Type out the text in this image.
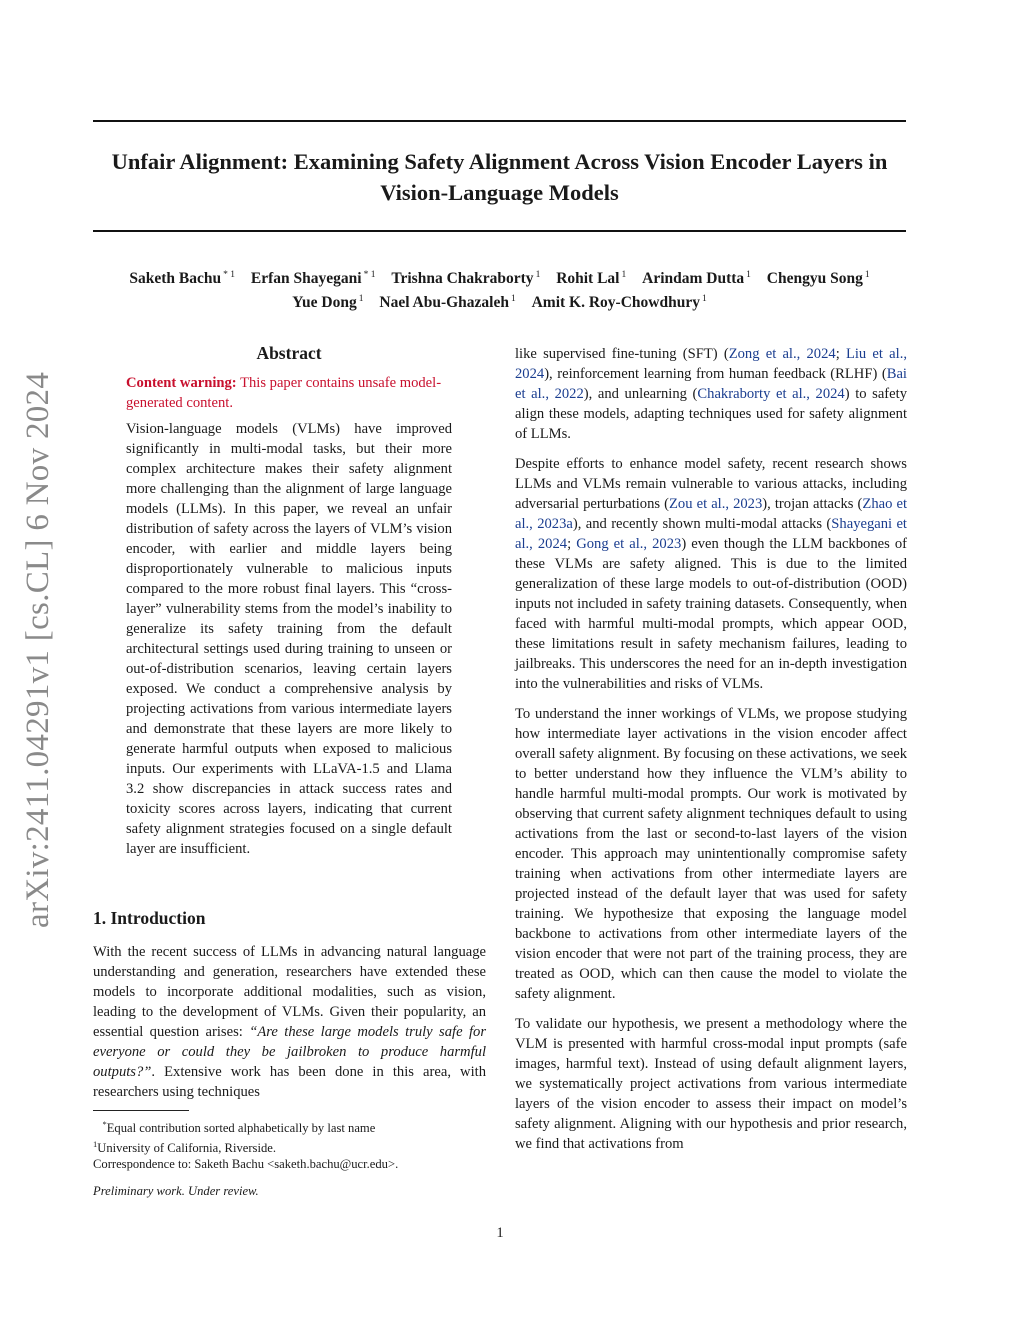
arXiv:2411.04291v1 [cs.CL] 6 Nov 2024
Unfair Alignment: Examining Safety Alignment Across Vision Encoder Layers in Vision-Language Models
Saketh Bachu $^{* 1}$ Erfan Shayegani $^{* 1}$ Trishna Chakraborty $^1$ Rohit Lal $^1$ Arindam Dutta $^1$ Chengyu Song $^1$
Yue Dong $^1$ Nael Abu-Ghazaleh $^1$ Amit K. Roy-Chowdhury $^1$
Abstract
Content warning: This paper contains unsafe model-generated content.

Vision-language models (VLMs) have improved significantly in multi-modal tasks, but their more complex architecture makes their safety alignment more challenging than the alignment of large language models (LLMs). In this paper, we reveal an unfair distribution of safety across the layers of VLM’s vision encoder, with earlier and middle layers being disproportionately vulnerable to malicious inputs compared to the more robust final layers. This “cross-layer” vulnerability stems from the model’s inability to generalize its safety training from the default architectural settings used during training to unseen or out-of-distribution scenarios, leaving certain layers exposed. We conduct a comprehensive analysis by projecting activations from various intermediate layers and demonstrate that these layers are more likely to generate harmful outputs when exposed to malicious inputs. Our experiments with LLaVA-1.5 and Llama 3.2 show discrepancies in attack success rates and toxicity scores across layers, indicating that current safety alignment strategies focused on a single default layer are insufficient.

1. Introduction

With the recent success of LLMs in advancing natural language understanding and generation, researchers have extended these models to incorporate additional modalities, such as vision, leading to the development of VLMs. Given their popularity, an essential question arises: “Are these large models truly safe for everyone or could they be jailbroken to produce harmful outputs?”. Extensive work has been done in this area, with researchers using techniques

like supervised fine-tuning (SFT) (Zong et al., 2024; Liu et al., 2024), reinforcement learning from human feedback (RLHF) (Bai et al., 2022), and unlearning (Chakraborty et al., 2024) to safety align these models, adapting techniques used for safety alignment of LLMs.

Despite efforts to enhance model safety, recent research shows LLMs and VLMs remain vulnerable to various attacks, including adversarial perturbations (Zou et al., 2023), trojan attacks (Zhao et al., 2023a), and recently shown multi-modal attacks (Shayegani et al., 2024; Gong et al., 2023) even though the LLM backbones of these VLMs are safety aligned. This is due to the limited generalization of these large models to out-of-distribution (OOD) inputs not included in safety training datasets. Consequently, when faced with harmful multi-modal prompts, which appear OOD, these limitations result in safety mechanism failures, leading to jailbreaks. This underscores the need for an in-depth investigation into the vulnerabilities and risks of VLMs.

To understand the inner workings of VLMs, we propose studying how intermediate layer activations in the vision encoder affect overall safety alignment. By focusing on these activations, we seek to better understand how they influence the VLM’s ability to handle harmful multi-modal prompts. Our work is motivated by observing that current safety alignment techniques default to using activations from the last or second-to-last layers of the vision encoder. This approach may unintentionally compromise safety training when activations from other intermediate layers are projected instead of the default layer that was used for safety training. We hypothesize that exposing the language model backbone to activations from other intermediate layers of the vision encoder that were not part of the training process, they are treated as OOD, which can then cause the model to violate the safety alignment.

To validate our hypothesis, we present a methodology where the VLM is presented with harmful cross-modal input prompts (safe images, harmful text). Instead of using default alignment layers, we systematically project activations from various intermediate layers of the vision encoder to assess their impact on model’s safety alignment. Aligning with our hypothesis and prior research, we find that activations from

*Equal contribution sorted alphabetically by last name
$^1$University of California, Riverside.
Correspondence to: Saketh Bachu <saketh.bachu@ucr.edu>.
Preliminary work. Under review.
1
